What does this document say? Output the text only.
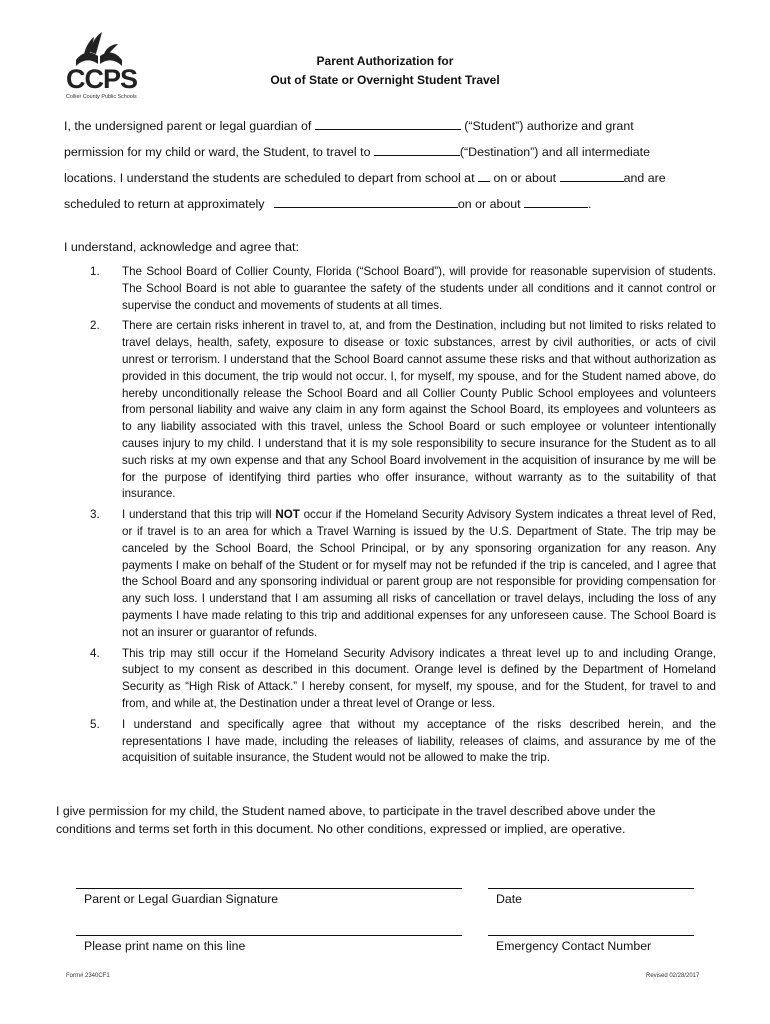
CCPS
Collier County Public Schools
Parent Authorization for
Out of State or Overnight Student Travel
I, the undersigned parent or legal guardian of	(“Student”) authorize and grant
permission for my child or ward, the Student, to travel to	(“Destination”) and all intermediate
locations. I understand the students are scheduled to depart from school at on or about	and are
scheduled to return at approximately	on or about	.
I understand, acknowledge and agree that:
1. The School Board of Collier County, Florida (“School Board”), will provide for reasonable supervision of students. The School Board is not able to guarantee the safety of the students under all conditions and it cannot control or supervise the conduct and movements of students at all times.
2. There are certain risks inherent in travel to, at, and from the Destination, including but not limited to risks related to travel delays, health, safety, exposure to disease or toxic substances, arrest by civil authorities, or acts of civil unrest or terrorism. I understand that the School Board cannot assume these risks and that without authorization as provided in this document, the trip would not occur. I, for myself, my spouse, and for the Student named above, do hereby unconditionally release the School Board and all Collier County Public School employees and volunteers from personal liability and waive any claim in any form against the School Board, its employees and volunteers as to any liability associated with this travel, unless the School Board or such employee or volunteer intentionally causes injury to my child. I understand that it is my sole responsibility to secure insurance for the Student as to all such risks at my own expense and that any School Board involvement in the acquisition of insurance by me will be for the purpose of identifying third parties who offer insurance, without warranty as to the suitability of that insurance.
3. I understand that this trip will NOT occur if the Homeland Security Advisory System indicates a threat level of Red, or if travel is to an area for which a Travel Warning is issued by the U.S. Department of State. The trip may be canceled by the School Board, the School Principal, or by any sponsoring organization for any reason. Any payments I make on behalf of the Student or for myself may not be refunded if the trip is canceled, and I agree that the School Board and any sponsoring individual or parent group are not responsible for providing compensation for any such loss. I understand that I am assuming all risks of cancellation or travel delays, including the loss of any payments I have made relating to this trip and additional expenses for any unforeseen cause. The School Board is not an insurer or guarantor of refunds.
4. This trip may still occur if the Homeland Security Advisory indicates a threat level up to and including Orange, subject to my consent as described in this document. Orange level is defined by the Department of Homeland Security as “High Risk of Attack.” I hereby consent, for myself, my spouse, and for the Student, for travel to and from, and while at, the Destination under a threat level of Orange or less.
5. I understand and specifically agree that without my acceptance of the risks described herein, and the representations I have made, including the releases of liability, releases of claims, and assurance by me of the acquisition of suitable insurance, the Student would not be allowed to make the trip.
I give permission for my child, the Student named above, to participate in the travel described above under the conditions and terms set forth in this document. No other conditions, expressed or implied, are operative.
Parent or Legal Guardian Signature	Date
Please print name on this line	Emergency Contact Number
Form# 2340CF1	Revised 02/28/2017
